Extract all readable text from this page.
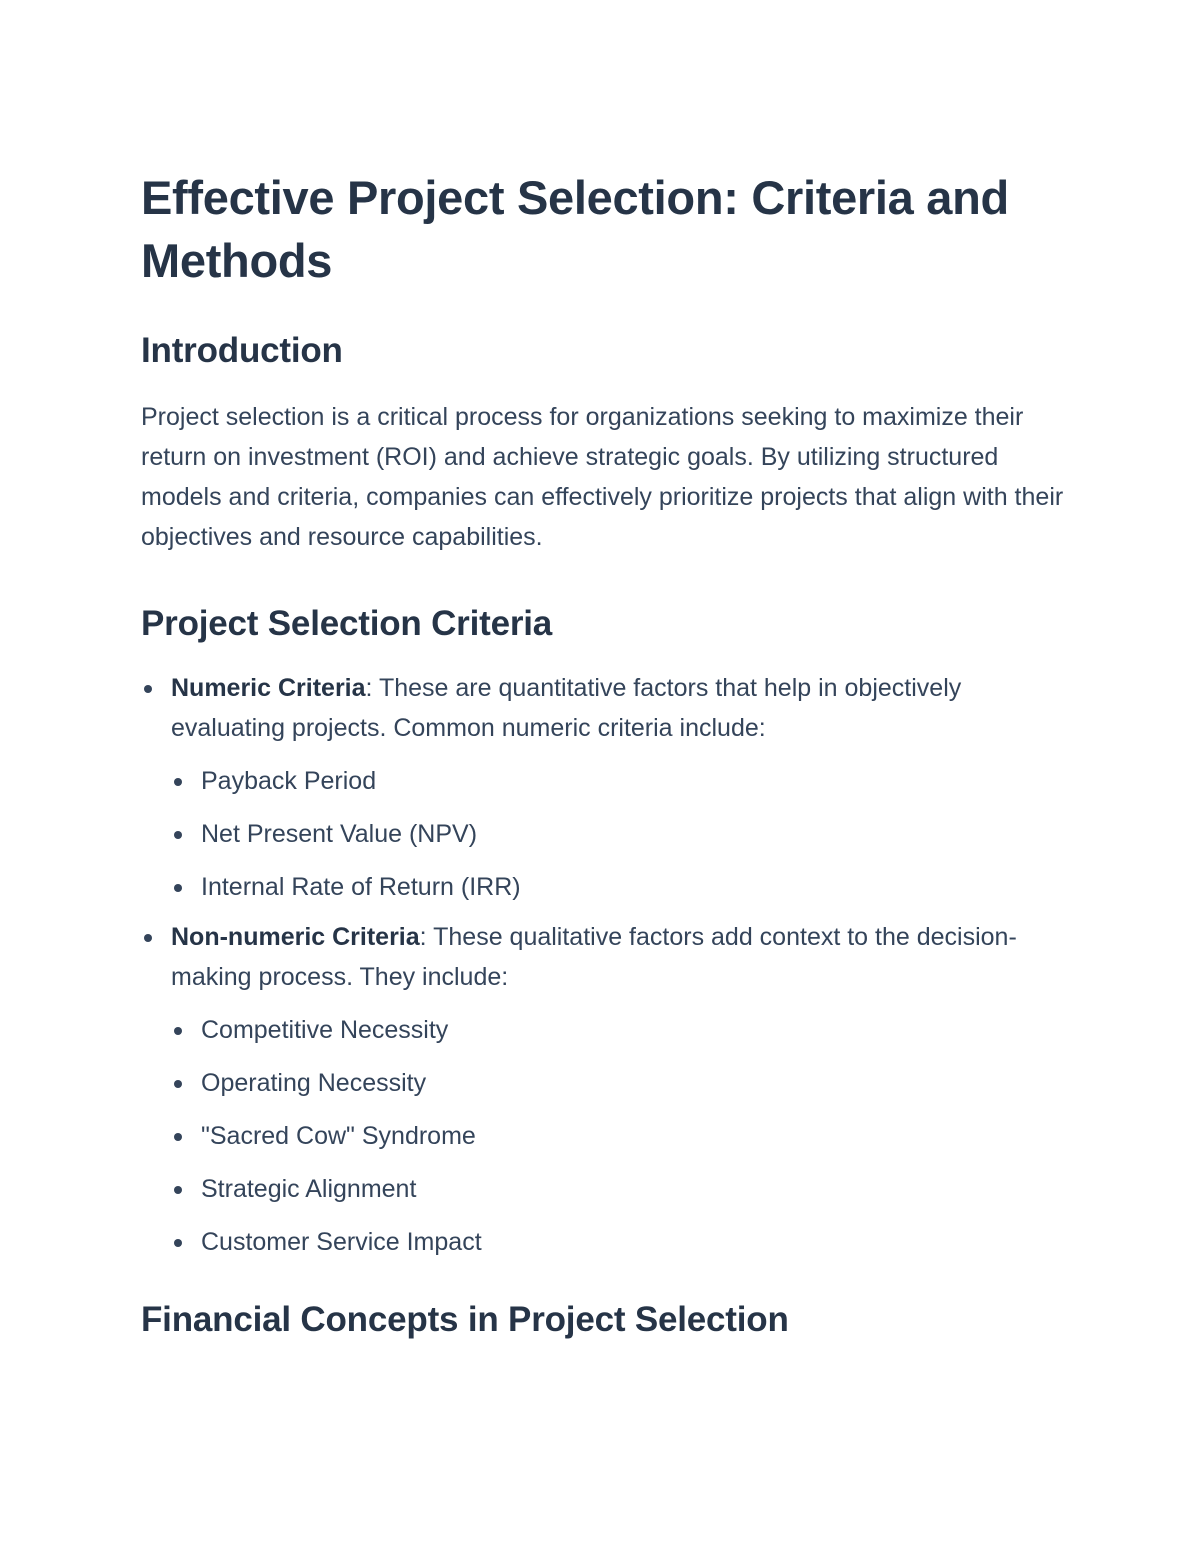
Effective Project Selection: Criteria and Methods
Introduction

Project selection is a critical process for organizations seeking to maximize their return on investment (ROI) and achieve strategic goals. By utilizing structured models and criteria, companies can effectively prioritize projects that align with their objectives and resource capabilities.

Project Selection Criteria
Numeric Criteria: These are quantitative factors that help in objectively evaluating projects. Common numeric criteria include:
Payback Period
Net Present Value (NPV)
Internal Rate of Return (IRR)
Non-numeric Criteria: These qualitative factors add context to the decision-making process. They include:
Competitive Necessity
Operating Necessity
"Sacred Cow" Syndrome
Strategic Alignment
Customer Service Impact
Financial Concepts in Project Selection
